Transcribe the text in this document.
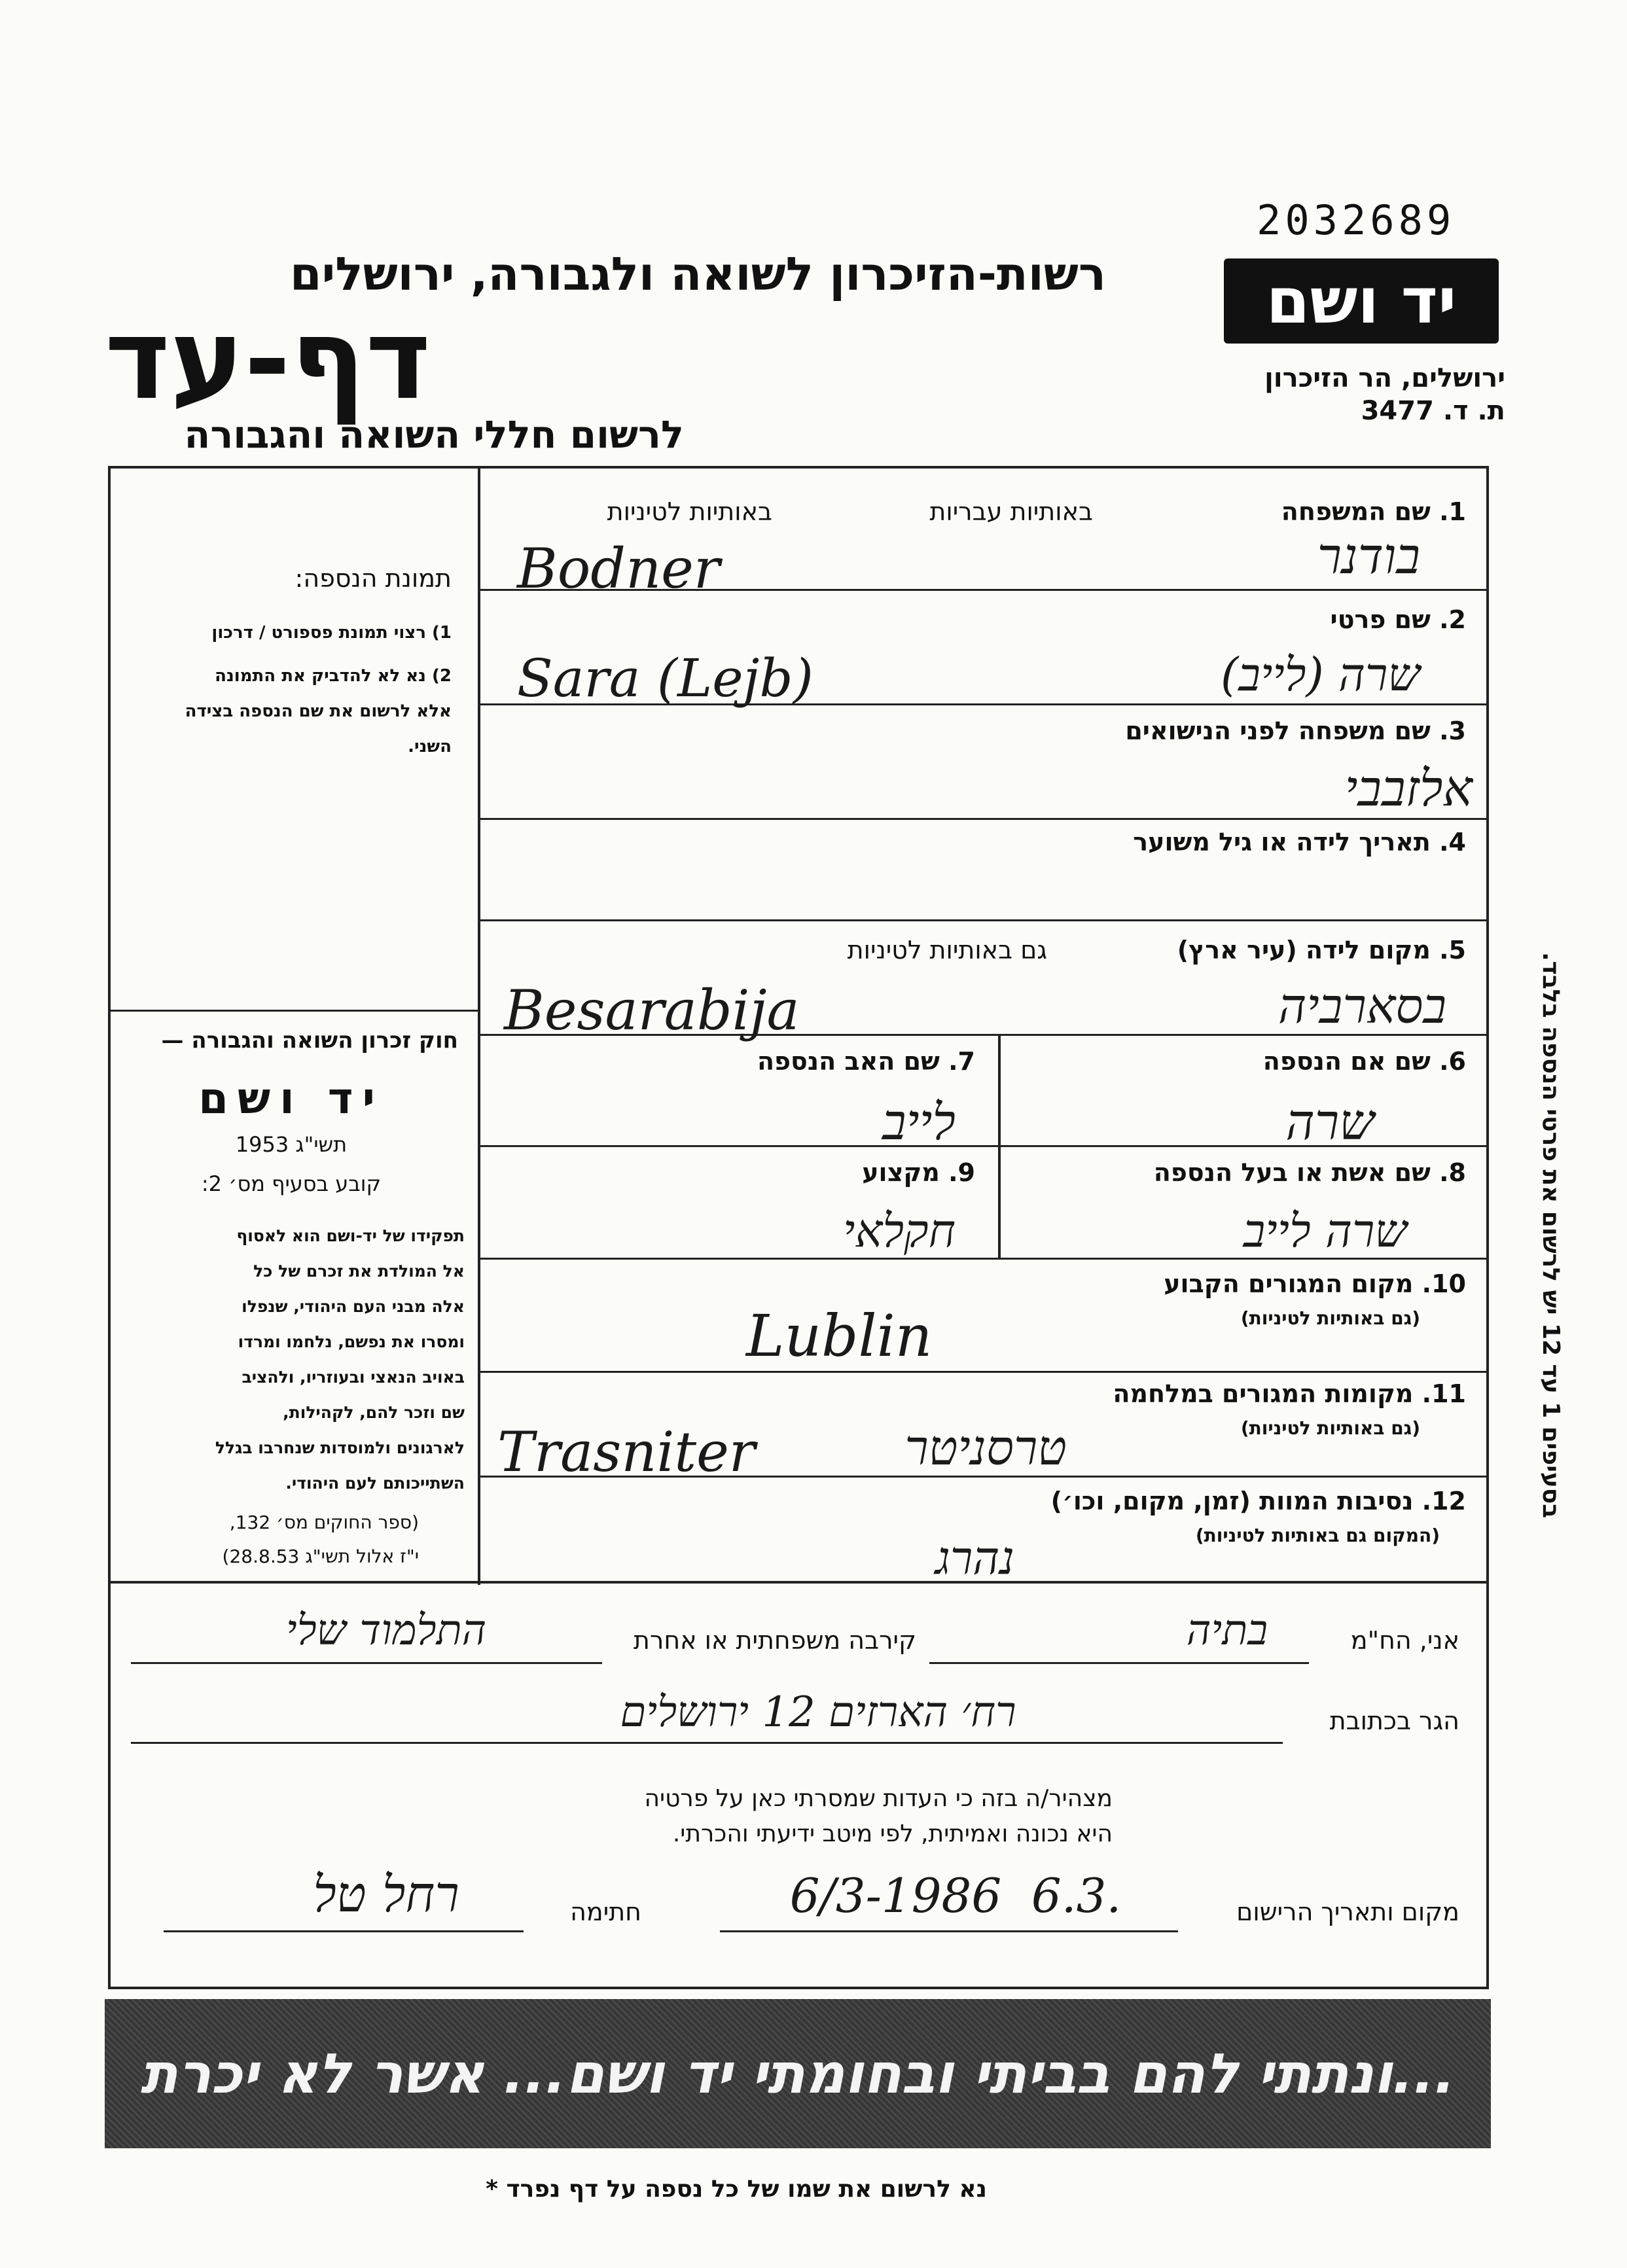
2032689
רשות-הזיכרון לשואה ולגבורה, ירושלים
דף-עד
לרשום חללי השואה והגבורה
יד ושם
ירושלים, הר הזיכרון
ת. ד. 3477
תמונת הנספה:
1) רצוי תמונת פספורט / דרכון
2) נא לא להדביק את התמונה
אלא לרשום את שם הנספה בצידה
השני.
חוק זכרון השואה והגבורה —
יד ושם
תשי"ג 1953
קובע בסעיף מס׳ 2:
תפקידו של יד-ושם הוא לאסוף
אל המולדת את זכרם של כל
אלה מבני העם היהודי, שנפלו
ומסרו את נפשם, נלחמו ומרדו
באויב הנאצי ובעוזריו, ולהציב
שם וזכר להם, לקהילות,
לארגונים ולמוסדות שנחרבו בגלל
השתייכותם לעם היהודי.
(ספר החוקים מס׳ 132,
י"ז אלול תשי"ג 28.8.53)
1. שם המשפחה
באותיות עבריות
באותיות לטיניות
בודנר
Bodner
2. שם פרטי
שרה (לייב)
Sara (Lejb)
3. שם משפחה לפני הנישואים
אלזבבי
4. תאריך לידה או גיל משוער
5. מקום לידה (עיר ארץ)
גם באותיות לטיניות
בסארביה
Besarabija
6. שם אם הנספה
שרה
7. שם האב הנספה
לייב
8. שם אשת או בעל הנספה
שרה לייב
9. מקצוע
חקלאי
10. מקום המגורים הקבוע
(גם באותיות לטיניות)
Lublin
11. מקומות המגורים במלחמה
(גם באותיות לטיניות)
טרסניטר
Trasniter
12. נסיבות המוות (זמן, מקום, וכו׳)
(המקום גם באותיות לטיניות)
נהרג
בסעיפים 1 עד 12 יש לרשום את פרטי הנספה בלבד.
אני, הח"מ
בתיה
קירבה משפחתית או אחרת
התלמוד שלי
הגר בכתובת
רח׳ הארזים 12 ירושלים
מצהיר/ה בזה כי העדות שמסרתי כאן על פרטיה
היא נכונה ואמיתית, לפי מיטב ידיעתי והכרתי.
מקום ותאריך הרישום
6/3-1986  6.3.
חתימה
רחל טל
...ונתתי להם בביתי ובחומתי יד ושם... אשר לא יכרת
נא לרשום את שמו של כל נספה על דף נפרד *
